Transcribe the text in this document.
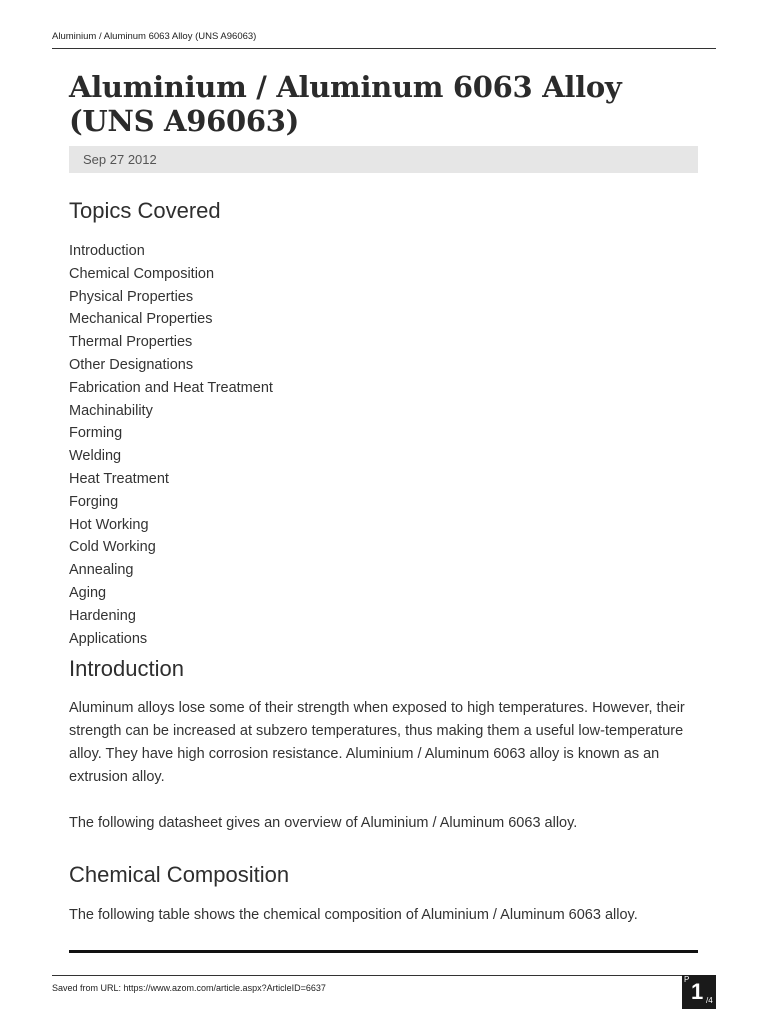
Aluminium / Aluminum 6063 Alloy (UNS A96063)
Aluminium / Aluminum 6063 Alloy (UNS A96063)
Sep 27 2012
Topics Covered
Introduction
Chemical Composition
Physical Properties
Mechanical Properties
Thermal Properties
Other Designations
Fabrication and Heat Treatment
Machinability
Forming
Welding
Heat Treatment
Forging
Hot Working
Cold Working
Annealing
Aging
Hardening
Applications
Introduction

Aluminum alloys lose some of their strength when exposed to high temperatures. However, their strength can be increased at subzero temperatures, thus making them a useful low-temperature alloy. They have high corrosion resistance. Aluminium / Aluminum 6063 alloy is known as an extrusion alloy.

The following datasheet gives an overview of Aluminium / Aluminum 6063 alloy.

Chemical Composition

The following table shows the chemical composition of Aluminium / Aluminum 6063 alloy.

Saved from URL: https://www.azom.com/article.aspx?ArticleID=6637
P 1 /4
